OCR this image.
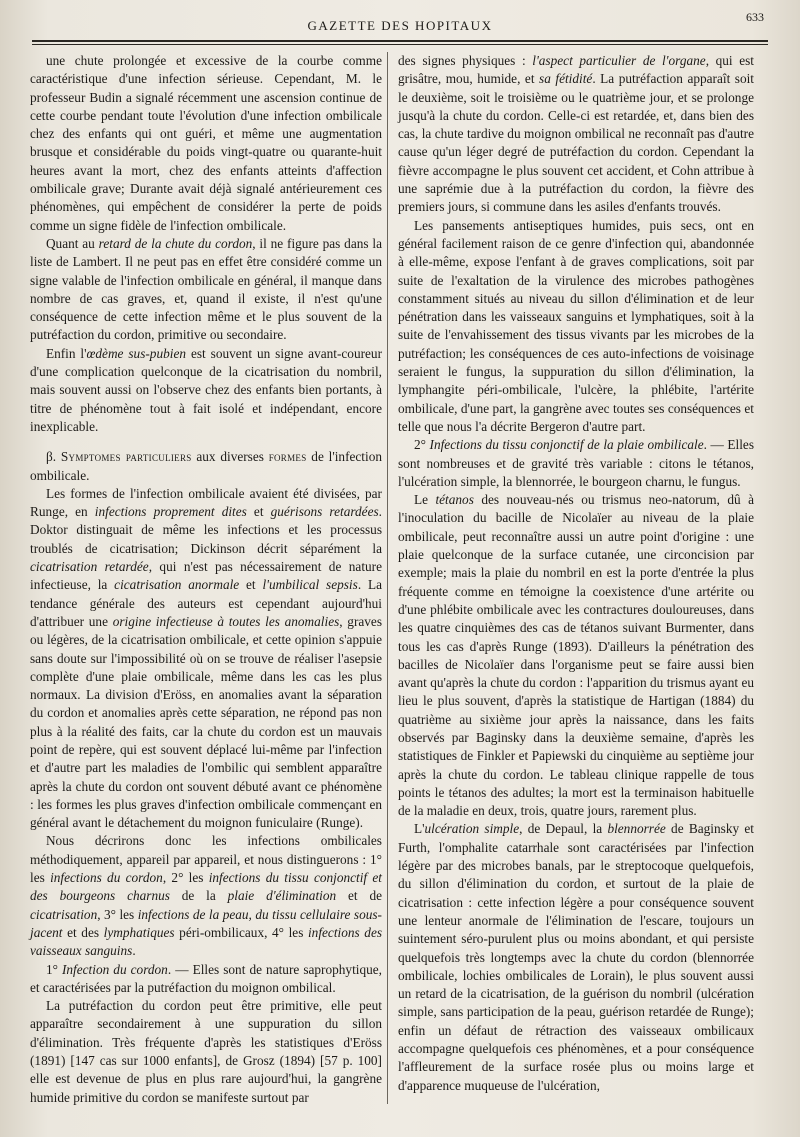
GAZETTE DES HOPITAUX
633

une chute prolongée et excessive de la courbe comme caractéristique d'une infection sérieuse. Cependant, M. le professeur Budin a signalé récemment une ascension continue de cette courbe pendant toute l'évolution d'une infection ombilicale chez des enfants qui ont guéri, et même une augmentation brusque et considérable du poids vingt-quatre ou quarante-huit heures avant la mort, chez des enfants atteints d'affection ombilicale grave; Durante avait déjà signalé antérieurement ces phénomènes, qui empêchent de considérer la perte de poids comme un signe fidèle de l'infection ombilicale.

Quant au retard de la chute du cordon, il ne figure pas dans la liste de Lambert. Il ne peut pas en effet être considéré comme un signe valable de l'infection ombilicale en général, il manque dans nombre de cas graves, et, quand il existe, il n'est qu'une conséquence de cette infection même et le plus souvent de la putréfaction du cordon, primitive ou secondaire.

Enfin l'œdème sus-pubien est souvent un signe avant-coureur d'une complication quelconque de la cicatrisation du nombril, mais souvent aussi on l'observe chez des enfants bien portants, à titre de phénomène tout à fait isolé et indépendant, encore inexplicable.

β. Symptomes particuliers aux diverses formes de l'infection ombilicale.

Les formes de l'infection ombilicale avaient été divisées, par Runge, en infections proprement dites et guérisons retardées. Doktor distinguait de même les infections et les processus troublés de cicatrisation; Dickinson décrit séparément la cicatrisation retardée, qui n'est pas nécessairement de nature infectieuse, la cicatrisation anormale et l'umbilical sepsis. La tendance générale des auteurs est cependant aujourd'hui d'attribuer une origine infectieuse à toutes les anomalies, graves ou légères, de la cicatrisation ombilicale, et cette opinion s'appuie sans doute sur l'impossibilité où on se trouve de réaliser l'asepsie complète d'une plaie ombilicale, même dans les cas les plus normaux. La division d'Eröss, en anomalies avant la séparation du cordon et anomalies après cette séparation, ne répond pas non plus à la réalité des faits, car la chute du cordon est un mauvais point de repère, qui est souvent déplacé lui-même par l'infection et d'autre part les maladies de l'ombilic qui semblent apparaître après la chute du cordon ont souvent débuté avant ce phénomène : les formes les plus graves d'infection ombilicale commençant en général avant le détachement du moignon funiculaire (Runge).

Nous décrirons donc les infections ombilicales méthodiquement, appareil par appareil, et nous distinguerons : 1° les infections du cordon, 2° les infections du tissu conjonctif et des bourgeons charnus de la plaie d'élimination et de cicatrisation, 3° les infections de la peau, du tissu cellulaire sous-jacent et des lymphatiques péri-ombilicaux, 4° les infections des vaisseaux sanguins.

1° Infection du cordon. — Elles sont de nature saprophytique, et caractérisées par la putréfaction du moignon ombilical.

La putréfaction du cordon peut être primitive, elle peut apparaître secondairement à une suppuration du sillon d'élimination. Très fréquente d'après les statistiques d'Eröss (1891) [147 cas sur 1000 enfants], de Grosz (1894) [57 p. 100] elle est devenue de plus en plus rare aujourd'hui, la gangrène humide primitive du cordon se manifeste surtout par

des signes physiques : l'aspect particulier de l'organe, qui est grisâtre, mou, humide, et sa fétidité. La putréfaction apparaît soit le deuxième, soit le troisième ou le quatrième jour, et se prolonge jusqu'à la chute du cordon. Celle-ci est retardée, et, dans bien des cas, la chute tardive du moignon ombilical ne reconnaît pas d'autre cause qu'un léger degré de putréfaction du cordon. Cependant la fièvre accompagne le plus souvent cet accident, et Cohn attribue à une saprémie due à la putréfaction du cordon, la fièvre des premiers jours, si commune dans les asiles d'enfants trouvés.

Les pansements antiseptiques humides, puis secs, ont en général facilement raison de ce genre d'infection qui, abandonnée à elle-même, expose l'enfant à de graves complications, soit par suite de l'exaltation de la virulence des microbes pathogènes constamment situés au niveau du sillon d'élimination et de leur pénétration dans les vaisseaux sanguins et lymphatiques, soit à la suite de l'envahissement des tissus vivants par les microbes de la putréfaction; les conséquences de ces auto-infections de voisinage seraient le fungus, la suppuration du sillon d'élimination, la lymphangite péri-ombilicale, l'ulcère, la phlébite, l'artérite ombilicale, d'une part, la gangrène avec toutes ses conséquences et telle que nous l'a décrite Bergeron d'autre part.

2° Infections du tissu conjonctif de la plaie ombilicale. — Elles sont nombreuses et de gravité très variable : citons le tétanos, l'ulcération simple, la blennorrée, le bourgeon charnu, le fungus.

Le tétanos des nouveau-nés ou trismus neo-natorum, dû à l'inoculation du bacille de Nicolaïer au niveau de la plaie ombilicale, peut reconnaître aussi un autre point d'origine : une plaie quelconque de la surface cutanée, une circoncision par exemple; mais la plaie du nombril en est la porte d'entrée la plus fréquente comme en témoigne la coexistence d'une artérite ou d'une phlébite ombilicale avec les contractures douloureuses, dans les quatre cinquièmes des cas de tétanos suivant Burmenter, dans tous les cas d'après Runge (1893). D'ailleurs la pénétration des bacilles de Nicolaïer dans l'organisme peut se faire aussi bien avant qu'après la chute du cordon : l'apparition du trismus ayant eu lieu le plus souvent, d'après la statistique de Hartigan (1884) du quatrième au sixième jour après la naissance, dans les faits observés par Baginsky dans la deuxième semaine, d'après les statistiques de Finkler et Papiewski du cinquième au septième jour après la chute du cordon. Le tableau clinique rappelle de tous points le tétanos des adultes; la mort est la terminaison habituelle de la maladie en deux, trois, quatre jours, rarement plus.

L'ulcération simple, de Depaul, la blennorrée de Baginsky et Furth, l'omphalite catarrhale sont caractérisées par l'infection légère par des microbes banals, par le streptocoque quelquefois, du sillon d'élimination du cordon, et surtout de la plaie de cicatrisation : cette infection légère a pour conséquence souvent une lenteur anormale de l'élimination de l'escare, toujours un suintement séro-purulent plus ou moins abondant, et qui persiste quelquefois très longtemps avec la chute du cordon (blennorrée ombilicale, lochies ombilicales de Lorain), le plus souvent aussi un retard de la cicatrisation, de la guérison du nombril (ulcération simple, sans participation de la peau, guérison retardée de Runge); enfin un défaut de rétraction des vaisseaux ombilicaux accompagne quelquefois ces phénomènes, et a pour conséquence l'affleurement de la surface rosée plus ou moins large et d'apparence muqueuse de l'ulcération,
